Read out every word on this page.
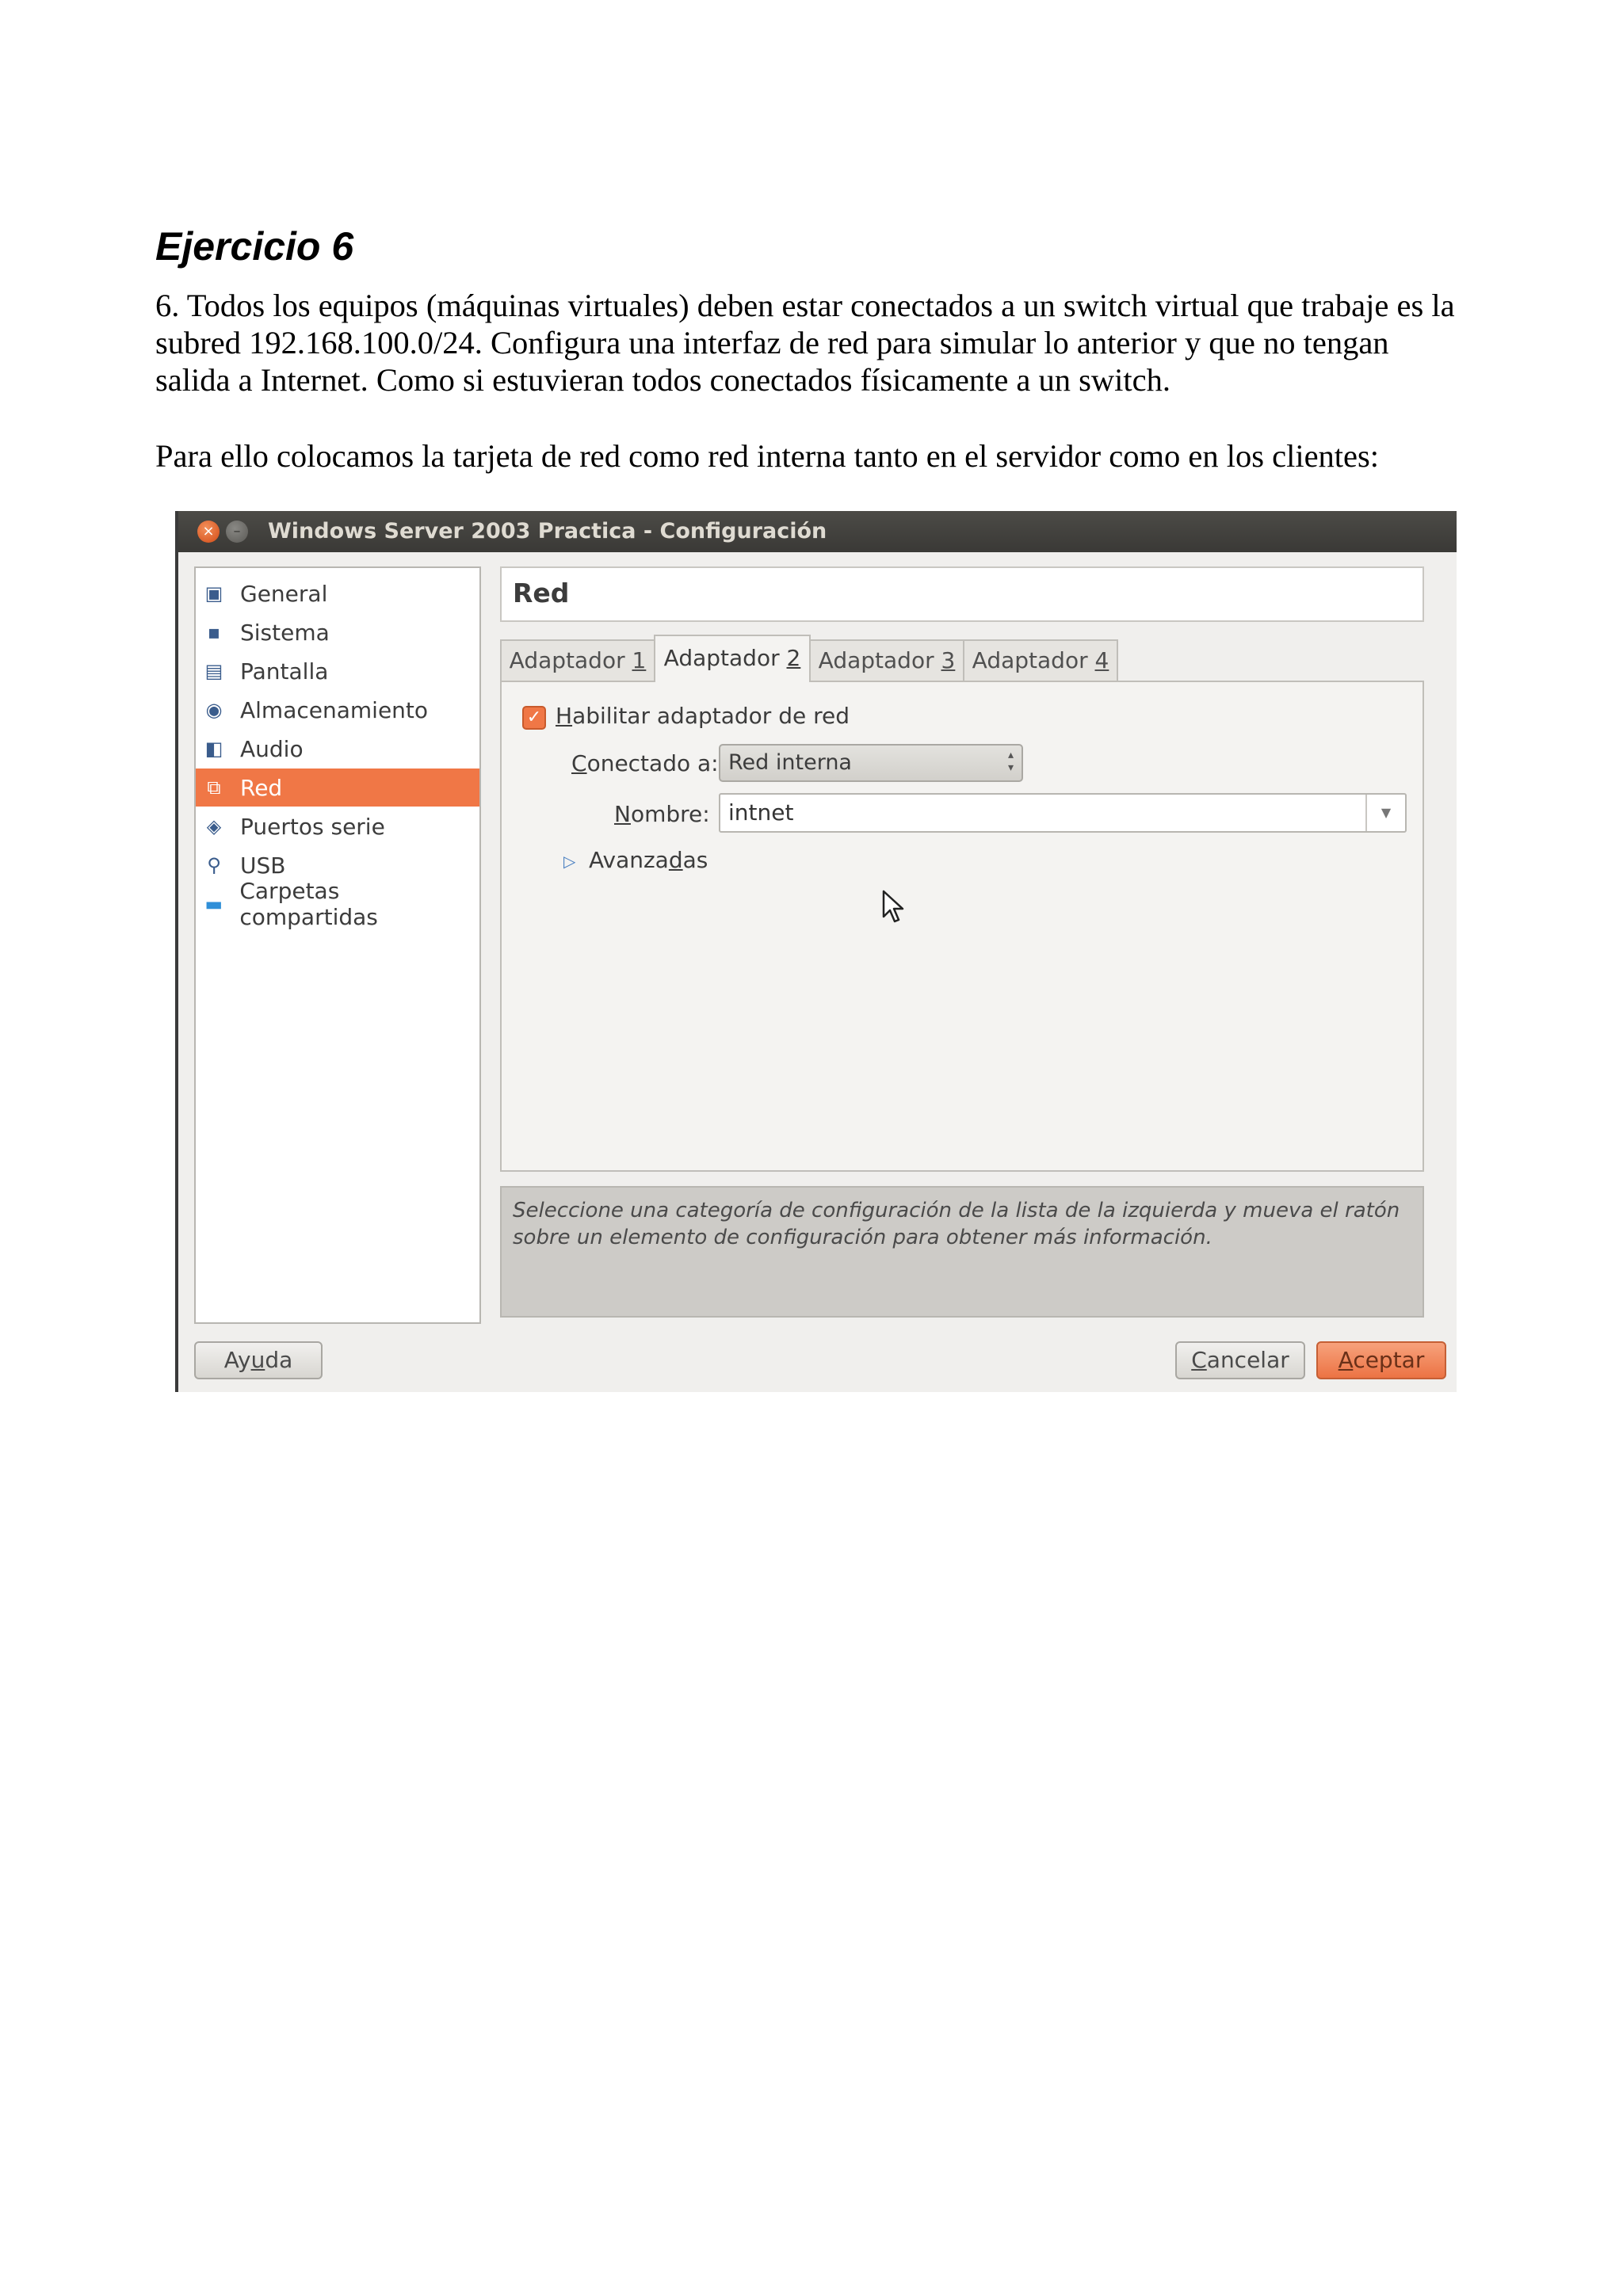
Ejercicio 6

6. Todos los equipos (máquinas virtuales) deben estar conectados a un switch virtual que trabaje es la subred 192.168.100.0/24. Configura una interfaz de red para simular lo anterior y que no tengan salida a Internet. Como si estuvieran todos conectados físicamente a un switch.

Para ello colocamos la tarjeta de red como red interna tanto en el servidor como en los clientes:

×	–	Windows Server 2003 Practica - Configuración
▣ General
▪ Sistema
▤ Pantalla
◉ Almacenamiento
◧ Audio
⧉ Red
◈ Puertos serie
⚲ USB
▬ Carpetas compartidas
Red
Adaptador 1 Adaptador 2 Adaptador 3 Adaptador 4
✓ Habilitar adaptador de red
Conectado a: Red interna	▴
▾
Nombre: intnet	▼
▷ Avanzadas
Seleccione una categoría de configuración de la lista de la izquierda y mueva el ratón sobre un elemento de configuración para obtener más información.
Ayuda	Cancelar	Aceptar
